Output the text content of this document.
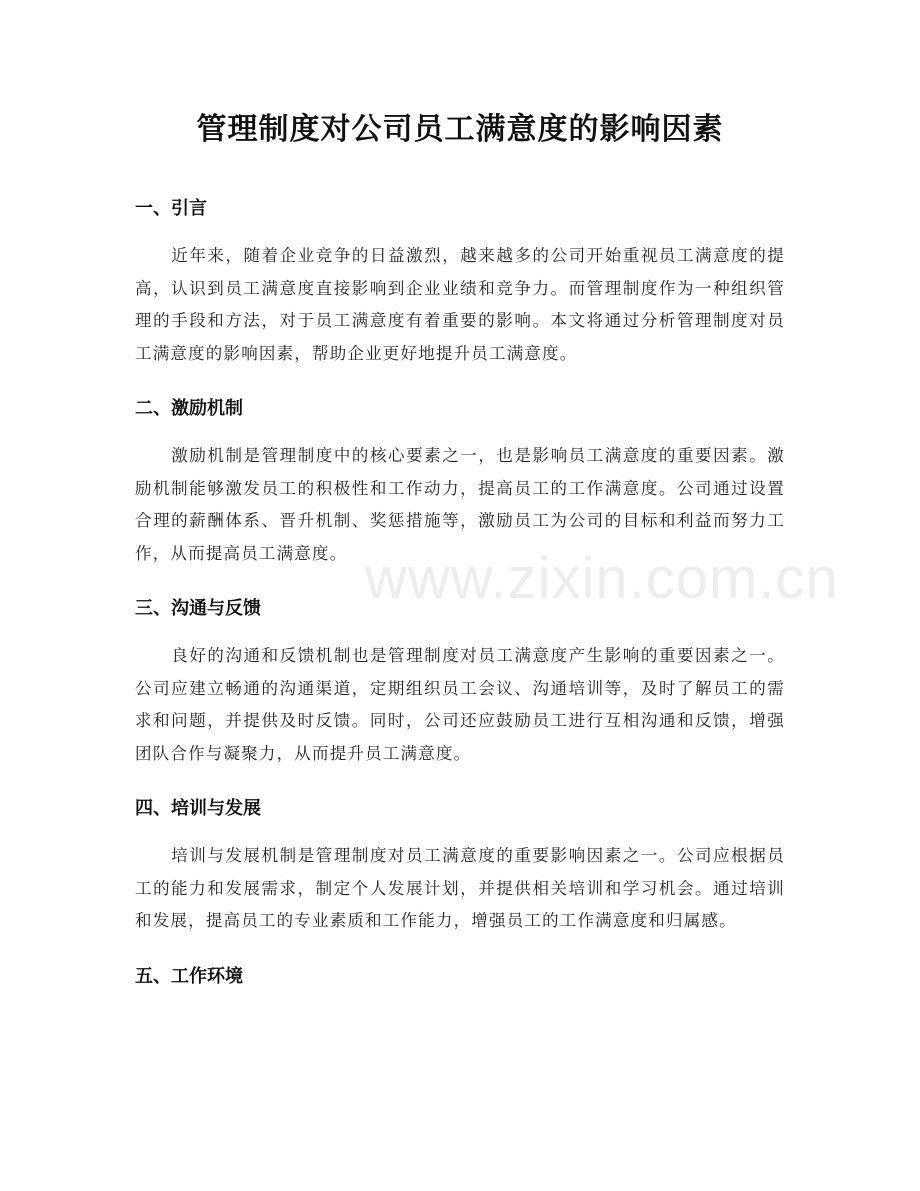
管理制度对公司员工满意度的影响因素
一、引言

近年来，随着企业竞争的日益激烈，越来越多的公司开始重视员工满意度的提高，认识到员工满意度直接影响到企业业绩和竞争力。而管理制度作为一种组织管理的手段和方法，对于员工满意度有着重要的影响。本文将通过分析管理制度对员工满意度的影响因素，帮助企业更好地提升员工满意度。

二、激励机制

激励机制是管理制度中的核心要素之一，也是影响员工满意度的重要因素。激励机制能够激发员工的积极性和工作动力，提高员工的工作满意度。公司通过设置合理的薪酬体系、晋升机制、奖惩措施等，激励员工为公司的目标和利益而努力工作，从而提高员工满意度。

三、沟通与反馈

良好的沟通和反馈机制也是管理制度对员工满意度产生影响的重要因素之一。公司应建立畅通的沟通渠道，定期组织员工会议、沟通培训等，及时了解员工的需求和问题，并提供及时反馈。同时，公司还应鼓励员工进行互相沟通和反馈，增强团队合作与凝聚力，从而提升员工满意度。

四、培训与发展

培训与发展机制是管理制度对员工满意度的重要影响因素之一。公司应根据员工的能力和发展需求，制定个人发展计划，并提供相关培训和学习机会。通过培训和发展，提高员工的专业素质和工作能力，增强员工的工作满意度和归属感。

五、工作环境
www.zixin.com.cn
